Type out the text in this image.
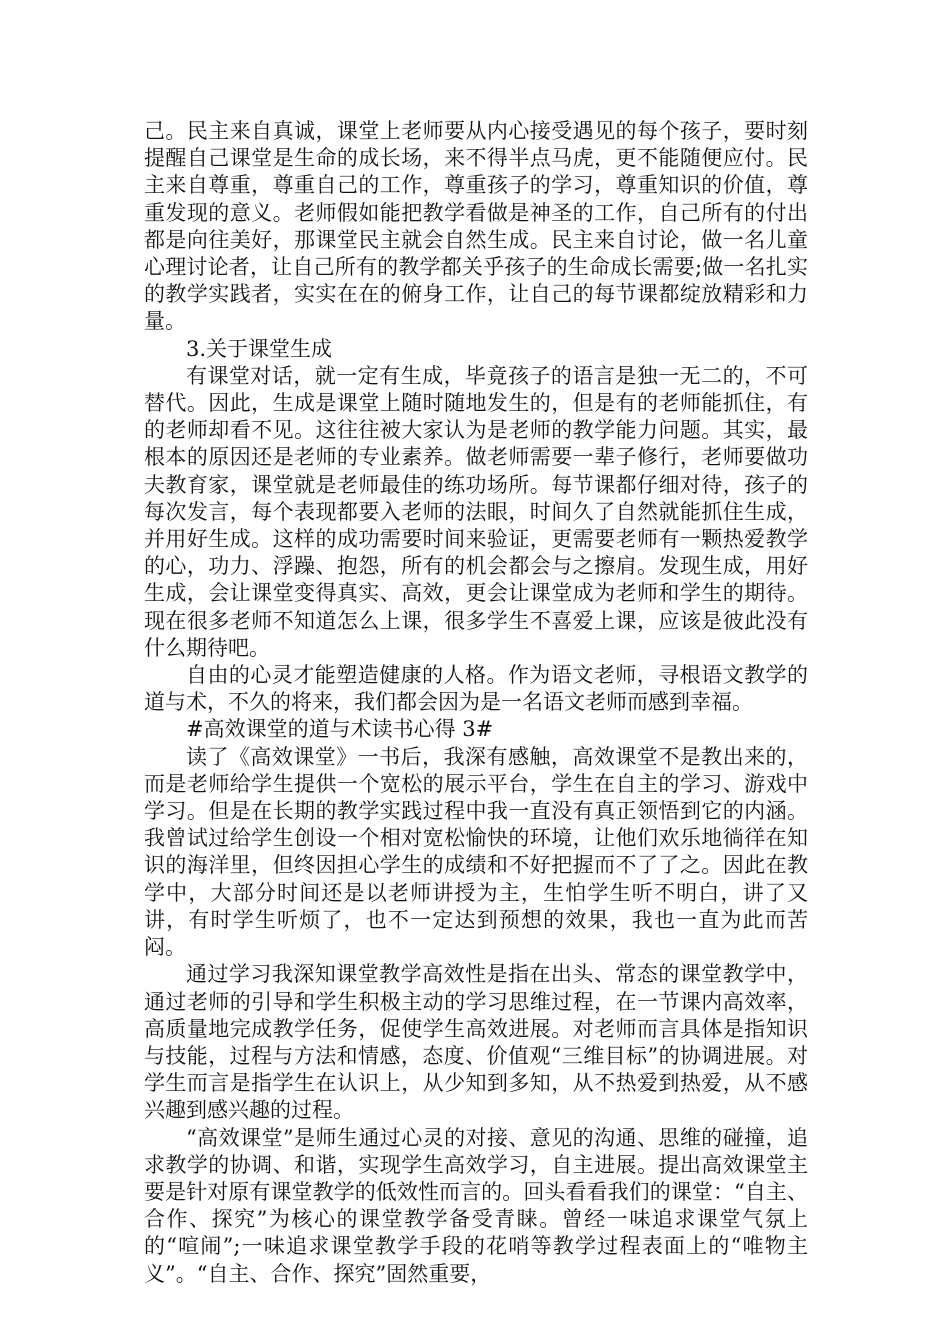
己。民主来自真诚，课堂上老师要从内心接受遇见的每个孩子，要时刻提醒自己课堂是生命的成长场，来不得半点马虎，更不能随便应付。民主来自尊重，尊重自己的工作，尊重孩子的学习，尊重知识的价值，尊重发现的意义。老师假如能把教学看做是神圣的工作，自己所有的付出都是向往美好，那课堂民主就会自然生成。民主来自讨论，做一名儿童心理讨论者，让自己所有的教学都关乎孩子的生命成长需要;做一名扎实的教学实践者，实实在在的俯身工作，让自己的每节课都绽放精彩和力量。

3.关于课堂生成

有课堂对话，就一定有生成，毕竟孩子的语言是独一无二的，不可替代。因此，生成是课堂上随时随地发生的，但是有的老师能抓住，有的老师却看不见。这往往被大家认为是老师的教学能力问题。其实，最根本的原因还是老师的专业素养。做老师需要一辈子修行，老师要做功夫教育家，课堂就是老师最佳的练功场所。每节课都仔细对待，孩子的每次发言，每个表现都要入老师的法眼，时间久了自然就能抓住生成，并用好生成。这样的成功需要时间来验证，更需要老师有一颗热爱教学的心，功力、浮躁、抱怨，所有的机会都会与之擦肩。发现生成，用好生成，会让课堂变得真实、高效，更会让课堂成为老师和学生的期待。现在很多老师不知道怎么上课，很多学生不喜爱上课，应该是彼此没有什么期待吧。

自由的心灵才能塑造健康的人格。作为语文老师，寻根语文教学的道与术，不久的将来，我们都会因为是一名语文老师而感到幸福。

#高效课堂的道与术读书心得 3#

读了《高效课堂》一书后，我深有感触，高效课堂不是教出来的，而是老师给学生提供一个宽松的展示平台，学生在自主的学习、游戏中学习。但是在长期的教学实践过程中我一直没有真正领悟到它的内涵。我曾试过给学生创设一个相对宽松愉快的环境，让他们欢乐地徜徉在知识的海洋里，但终因担心学生的成绩和不好把握而不了了之。因此在教学中，大部分时间还是以老师讲授为主，生怕学生听不明白，讲了又讲，有时学生听烦了，也不一定达到预想的效果，我也一直为此而苦闷。

通过学习我深知课堂教学高效性是指在出头、常态的课堂教学中，通过老师的引导和学生积极主动的学习思维过程，在一节课内高效率，高质量地完成教学任务，促使学生高效进展。对老师而言具体是指知识与技能，过程与方法和情感，态度、价值观“三维目标”的协调进展。对学生而言是指学生在认识上，从少知到多知，从不热爱到热爱，从不感兴趣到感兴趣的过程。

“高效课堂”是师生通过心灵的对接、意见的沟通、思维的碰撞，追求教学的协调、和谐，实现学生高效学习，自主进展。提出高效课堂主要是针对原有课堂教学的低效性而言的。回头看看我们的课堂：“自主、合作、探究”为核心的课堂教学备受青睐。曾经一味追求课堂气氛上的“喧闹”;一味追求课堂教学手段的花哨等教学过程表面上的“唯物主义”。“自主、合作、探究”固然重要，
